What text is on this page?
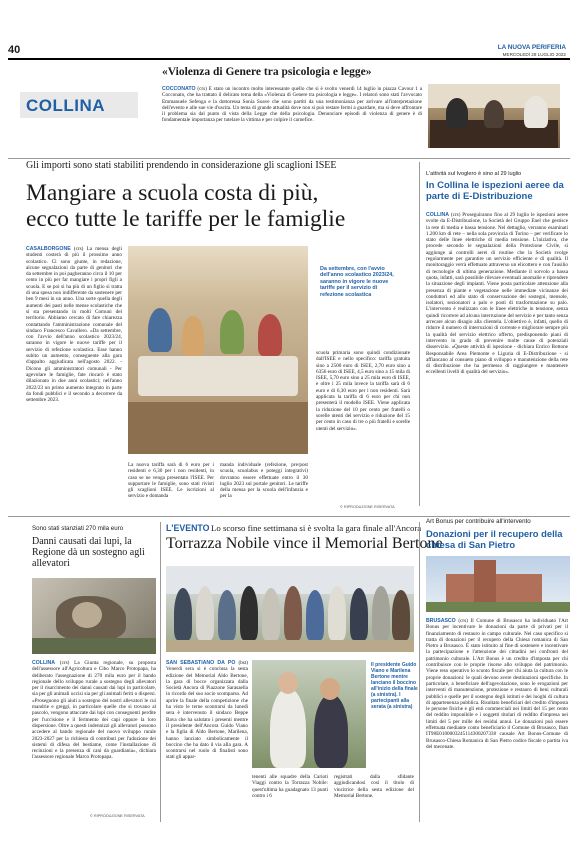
40	LA NUOVA PERIFERIA
MERCOLEDÌ 28 LUGLIO 2022
COLLINA
«Violenza di Genere tra psicologia e legge»
COCCONATO (crs) È stato un incontro molto interessante quello che si è svolto venerdì 14 luglio in piazza Cavour 1 a Cocconato, che ha trattato il delicato tema della «Violenza di Genere tra psicologia e legge». I relatori sono stati l'avvocato Emmanuele Sefenga e la dottoressa Sonia Soave che sono partiti da una testimonianza per arrivare all'interpretazione dell'evento e alle sue vie d'uscita. Un tema di grande attualità dove non si può restare fermi a guardare, ma si deve affrontare il problema sia dal punto di vista della Legge che della psicologia. Denunciare episodi di violenza di genere è di fondamentale importanza per tutelare la vittima e per colpire il carnefice.
Gli importi sono stati stabiliti prendendo in considerazione gli scaglioni ISEE
Mangiare a scuola costa di più,
ecco tutte le tariffe per le famiglie
CASALBORGONE (crs) La mensa degli studenti costerà di più il prossimo anno scolastico. Ci sono giunte, in redazione, alcune segnalazioni da parte di genitori che da settembre in poi pagheranno circa il 10 per cento in più per far mangiare i propri figli a scuola. E se poi si ha più di un figlio si tratta di una spesa non indifferente da sostenere per ben 9 mesi in un anno. Una sorte quella degli aumenti dei pasti nelle mense scolastiche che si sta presentando in molti Comuni del territorio. Abbiamo cercato di fare chiarezza contattando l'amministrazione comunale del sindaco Francesco Cavallero. «Da settembre, con l'avvio dell'anno scolastico 2023/24, saranno in vigore le nuove tariffe per il servizio di refezione scolastica. Esse hanno subìto un aumento, conseguente alla gara d'appalto aggiudicata nell'agosto 2022. - Dicono gli amministratori comunali - Per agevolare le famiglie, fate rincarò è stato dilazionato in due anni scolastici; nell'anno 2022/23 un primo aumento integrato in parte da fondi pubblici e il secondo a decorrere da settembre 2023.
Da settembre, con l'avvio dell'anno scolastico 2023/24, saranno in vigore le nuove tariffe per il servizio di refezione scolastica
La nuova tariffa sarà di 6 euro per i residenti e 6,30 per i non residenti, in caso se ne venga presentato l'ISEE. Per supportare le famiglie, sono stati rivisti gli scaglioni ISEE. Le iscrizioni al servizio e domanda
manda individuale (refezione, pre/post scuola, scuolabus e poteggi integrativi) dovranno essere effettuate entro il 30 luglio 2023 sul portale genitori. Le tariffe della mensa per la scuola dell'infanzia e per la
scuola primaria sono quindi condizionate dall'ISEE e nello specifico: tariffa gratuita sino a 2500 euro di ISEE, 2,70 euro sino a 6356 euro di ISEE, 4,5 euro sino a 15 mila di ISEE, 5,70 euro sino a 25 mila euro di ISEE, e oltre i 25 mila invece la tariffa sarà di 6 euro e di 6,30 euro per i non residenti. Sarà applicata la tariffa di 6 euro per chi non presenterà il modello ISEE. Viene applicata la riduzione del 10 per cento per fratelli o sorelle utenti del servizio e riduzione del 15 per cento in caso di tre o più fratelli e sorelle utenti del servizio».
© RIPRODUZIONE RISERVATA
L'attività sul Ivoglero è sino al 29 luglio
In Collina le ispezioni aeree da parte di E-Distribuzione
COLLINA (crs) Proseguiranno fino al 29 luglio le ispezioni aeree svolte da E-Distribuzione, la Società del Gruppo Enel che gestisce la rete di media e bassa tensione. Nel dettaglio, verranno esaminati 1.200 km di rete – nella sola provincia di Torino – per verificare lo stato delle linee elettriche di media tensione. L'iniziativa, che procede secondo le segnalazioni della Protezione Civile, si aggiunge ai controlli aerei di routine che la Società svolge regolarmente per garantire un servizio efficiente e di qualità. Il monitoraggio verrà effettuato attraverso un elicottero e con l'ausilio di tecnologie di ultima generazione. Mediante il sorvolo a bassa quota, infatti, sarà possibile rilevare eventuali anomalie e riprendere la situazione degli impianti. Viene posta particolare attenzione alla presenza di piante e vegetazione nelle immediate vicinanze dei conduttori ed allo stato di conservazione dei sostegni, mensole, isolatori, sezionatori a palo e posti di trasformazione su palo. L'intervento è realizzato con le linee elettriche in tensione, senza quindi ricorrere ad alcuna interruzione del servizio e per tanto senza arrecare alcun disagio alla clientela. L'obiettivo è, infatti, quello di ridurre il numero di interruzioni di corrente e migliorare sempre più la qualità del servizio elettrico offerto, predisponendo piani di intervento in grado di prevenire molte cause di potenziali disservizio. «Queste attività di ispezione - dichiara Enrico Bottone Responsabile Area Piemonte e Liguria di E-Distribuzione - si affiancano al consueto piano di sviluppo e manutenzione della rete di distribuzione che ha permesso di raggiungere e mantenere eccellenti livelli di qualità del servizio».
Sono stati stanziati 270 mila euro
Danni causati dai lupi, la Regione dà un sostegno agli allevatori
COLLINA (crs) La Giunta regionale, su proposta dell'assessore all'Agricoltura e Cibo Marco Protopapa, ha deliberato l'assegnazione di 270 mila euro per il bando regionale dello sviluppo rurale a sostegno degli allevatori per il risarcimento dei danni causati dai lupi in particolare, sia per gli animali uccisi sia per gli animali feriti o dispersi. «Proseguono gli aiuti a sostegno dei nostri allevatori le cui mandrie e greggi, in particolare quelle che si trovano al pascolo, vengono attaccate dai lupi con conseguenti perdite per l'uccisione e il ferimento dei capi oppure la loro dispersione. Oltre a questi indennizzi gli allevatori possono accedere al bando regionale del nuovo sviluppo rurale 2023-2027 per la richiesta di contributi per l'adozione dei sistemi di difesa del bestiame, come l'installazione di recinzioni e la presenza di cani da guardiania», dichiara l'assessore regionale Marco Protopapa.
© RIPRODUZIONE RISERVATA
L'EVENTO Lo scorso fine settimana si è svolta la gara finale all'Ancora
Torrazza Nobile vince il Memorial Bertone
SAN SEBASTIANO DA PO (bst) Venerdì sera si è conclusa la sesta edizione del Memorial Aldo Bertone, la gara di bocce organizzata dalla Società Ancora di Piazzone Sarasaella in ricordo del suo socio scomparso. Ad aprire la finale della competizione che ha visto le terne scontrarsi da lunedì sera è intervenuto il sindaco Beppe Bava che ha salutato i presenti mentre il presidente dell'Ancora Guido Viano e la figlia di Aldo Bertone, Marilena, hanno lanciato simbolicamente il boccino che ha dato il via alla gara. A scontrarsi nel ruolo di finalisti sono stati gli appar-
Il presidente Guido Viano e Marilena Bertone mentre lanciano il boccino all'inizio della finale (a sinistra). I partecipanti alla serata (a sinistra)
tenenti alle squadre della Carioti Viaggi contro la Torrazza Nobile: quest'ultima ha guadagnato 13 punti contro i 6
registrati dalla sfidante aggiudicandosi così il titolo di vincitrice della sesta edizione del Memorial Bertone.
Art Bonus per contribuire all'intervento
Donazioni per il recupero della chiesa di San Pietro
BRUSASCO (crs) Il Comune di Brusasco ha individuato l'Art Bonus per incentivare le donazioni da parte di privati per il finanziamento di restauro in campo culturale. Nel caso specifico si tratta di donazioni per il recupero della Chiesa romanica di San Pietro a Brusasco. È stato istituito al fine di sostenere e incentivare la partecipazione e l'attenzione dei cittadini nei confronti del patrimonio culturale. L'Art Bonus è un credito d'imposta per chi contribuisce con le proprie risorse allo sviluppo del patrimonio. Viene reso operativo lo sconto fiscale per chi aiuta la cultura con le proprie donazioni: le quali devono avere destinazioni specifiche. In particolare, a beneficiare dell'agevolazione, sono le erogazioni per interventi di manutenzione, protezione e restauro di beni culturali pubblici e quelle per il sostegno degli istituti e dei luoghi di cultura di appartenenza pubblica. Risultato beneficiari del credito d'imposta le persone fisiche e gli enti commerciali nei limiti del 15 per cento del reddito imponibile e i soggetti titolari di reddito d'impresa nei limiti del 5 per mille dei residui annui. Le donazioni può essere effettuata mediante conto beneficiario il Comune di Brusasco, Iban IT98E0100003245114300207338 causale Art Bonus-Comune di Brusasco-Chiesa Romanica di San Pietro codice fiscale o partita iva del mecenate.
